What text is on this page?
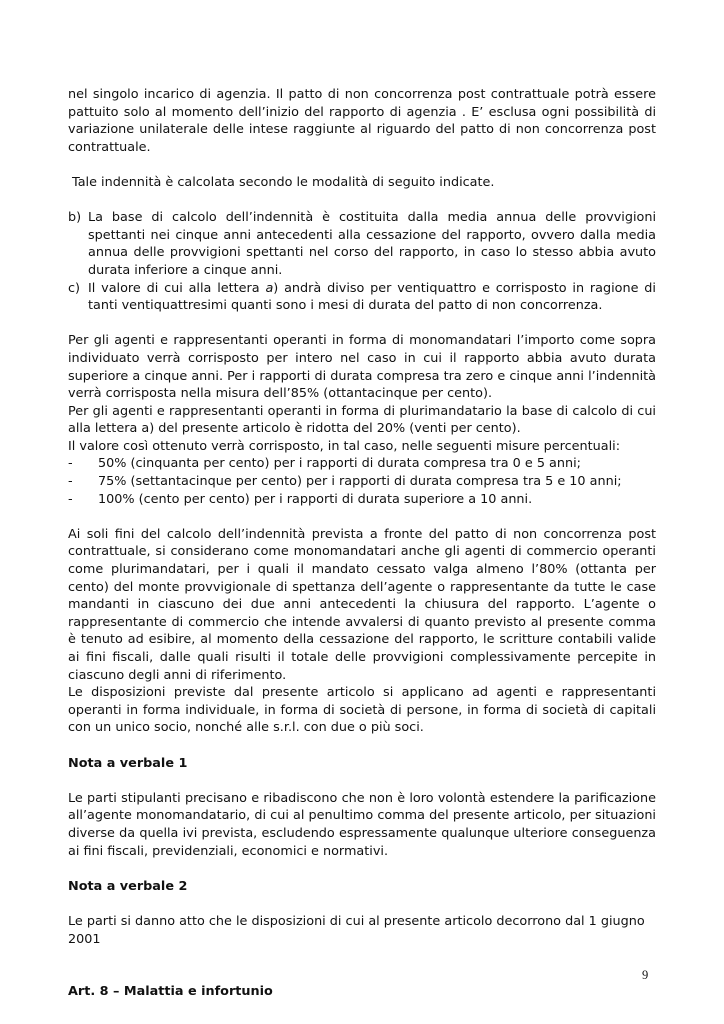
nel singolo incarico di agenzia. Il patto di non concorrenza post contrattuale potrà essere pattuito solo al momento dell’inizio del rapporto di agenzia . E’ esclusa ogni possibilità di variazione unilaterale delle intese raggiunte al riguardo del patto di non concorrenza post contrattuale.

Tale indennità è calcolata secondo le modalità di seguito indicate.

b) La base di calcolo dell’indennità è costituita dalla media annua delle provvigioni spettanti nei cinque anni antecedenti alla cessazione del rapporto, ovvero dalla media annua delle provvigioni spettanti nel corso del rapporto, in caso lo stesso abbia avuto durata inferiore a cinque anni.
c) Il valore di cui alla lettera a) andrà diviso per ventiquattro e corrisposto in ragione di tanti ventiquattresimi quanti sono i mesi di durata del patto di non concorrenza.

Per gli agenti e rappresentanti operanti in forma di monomandatari l’importo come sopra individuato verrà corrisposto per intero nel caso in cui il rapporto abbia avuto durata superiore a cinque anni. Per i rapporti di durata compresa tra zero e cinque anni l’indennità verrà corrisposta nella misura dell’85% (ottantacinque per cento).

Per gli agenti e rappresentanti operanti in forma di plurimandatario la base di calcolo di cui alla lettera a) del presente articolo è ridotta del 20% (venti per cento).

Il valore così ottenuto verrà corrisposto, in tal caso, nelle seguenti misure percentuali:

-	50% (cinquanta per cento) per i rapporti di durata compresa tra 0 e 5 anni;
-	75% (settantacinque per cento) per i rapporti di durata compresa tra 5 e 10 anni;
-	100% (cento per cento) per i rapporti di durata superiore a 10 anni.

Ai soli fini del calcolo dell’indennità prevista a fronte del patto di non concorrenza post contrattuale, si considerano come monomandatari anche gli agenti di commercio operanti come plurimandatari, per i quali il mandato cessato valga almeno l’80% (ottanta per cento) del monte provvigionale di spettanza dell’agente o rappresentante da tutte le case mandanti in ciascuno dei due anni antecedenti la chiusura del rapporto. L’agente o rappresentante di commercio che intende avvalersi di quanto previsto al presente comma è tenuto ad esibire, al momento della cessazione del rapporto, le scritture contabili valide ai fini fiscali, dalle quali risulti il totale delle provvigioni complessivamente percepite in ciascuno degli anni di riferimento.

Le disposizioni previste dal presente articolo si applicano ad agenti e rappresentanti operanti in forma individuale, in forma di società di persone, in forma di società di capitali con un unico socio, nonché alle s.r.l. con due o più soci.

Nota a verbale 1

Le parti stipulanti precisano e ribadiscono che non è loro volontà estendere la parificazione all’agente monomandatario, di cui al penultimo comma del presente articolo, per situazioni diverse da quella ivi prevista, escludendo espressamente qualunque ulteriore conseguenza ai fini fiscali, previdenziali, economici e normativi.

Nota a verbale 2

Le parti si danno atto che le disposizioni di cui al presente articolo decorrono dal 1 giugno 2001

Art. 8 – Malattia e infortunio

9
